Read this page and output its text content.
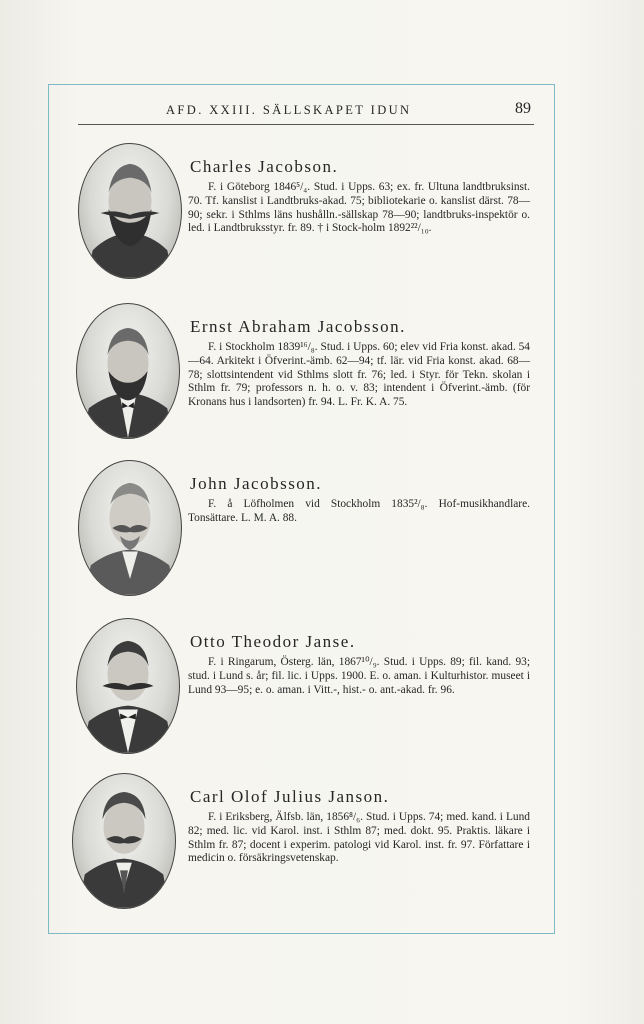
AFD. XXIII. SÄLLSKAPET IDUN	89
Charles Jacobson.

F. i Göteborg 1846⁵/₄. Stud. i Upps. 63; ex. fr. Ultuna landtbruksinst. 70. Tf. kanslist i Landtbruks-akad. 75; bibliotekarie o. kanslist därst. 78—90; sekr. i Sthlms läns hushålln.-sällskap 78—90; landtbruks-inspektör o. led. i Landtbruksstyr. fr. 89. † i Stock-holm 1892²²/₁₀.

Ernst Abraham Jacobsson.

F. i Stockholm 1839¹⁶/₈. Stud. i Upps. 60; elev vid Fria konst. akad. 54—64. Arkitekt i Öfverint.-ämb. 62—94; tf. lär. vid Fria konst. akad. 68—78; slottsintendent vid Sthlms slott fr. 76; led. i Styr. för Tekn. skolan i Sthlm fr. 79; professors n. h. o. v. 83; intendent i Öfverint.-ämb. (för Kronans hus i landsorten) fr. 94. L. Fr. K. A. 75.

John Jacobsson.

F. å Löfholmen vid Stockholm 1835²/₈. Hof-musikhandlare. Tonsättare. L. M. A. 88.

Otto Theodor Janse.

F. i Ringarum, Österg. län, 1867¹⁰/₉. Stud. i Upps. 89; fil. kand. 93; stud. i Lund s. år; fil. lic. i Upps. 1900. E. o. aman. i Kulturhistor. museet i Lund 93—95; e. o. aman. i Vitt.-, hist.- o. ant.-akad. fr. 96.

Carl Olof Julius Janson.

F. i Eriksberg, Älfsb. län, 1856⁸/₆. Stud. i Upps. 74; med. kand. i Lund 82; med. lic. vid Karol. inst. i Sthlm 87; med. dokt. 95. Praktis. läkare i Sthlm fr. 87; docent i experim. patologi vid Karol. inst. fr. 97. Författare i medicin o. försäkringsvetenskap.
